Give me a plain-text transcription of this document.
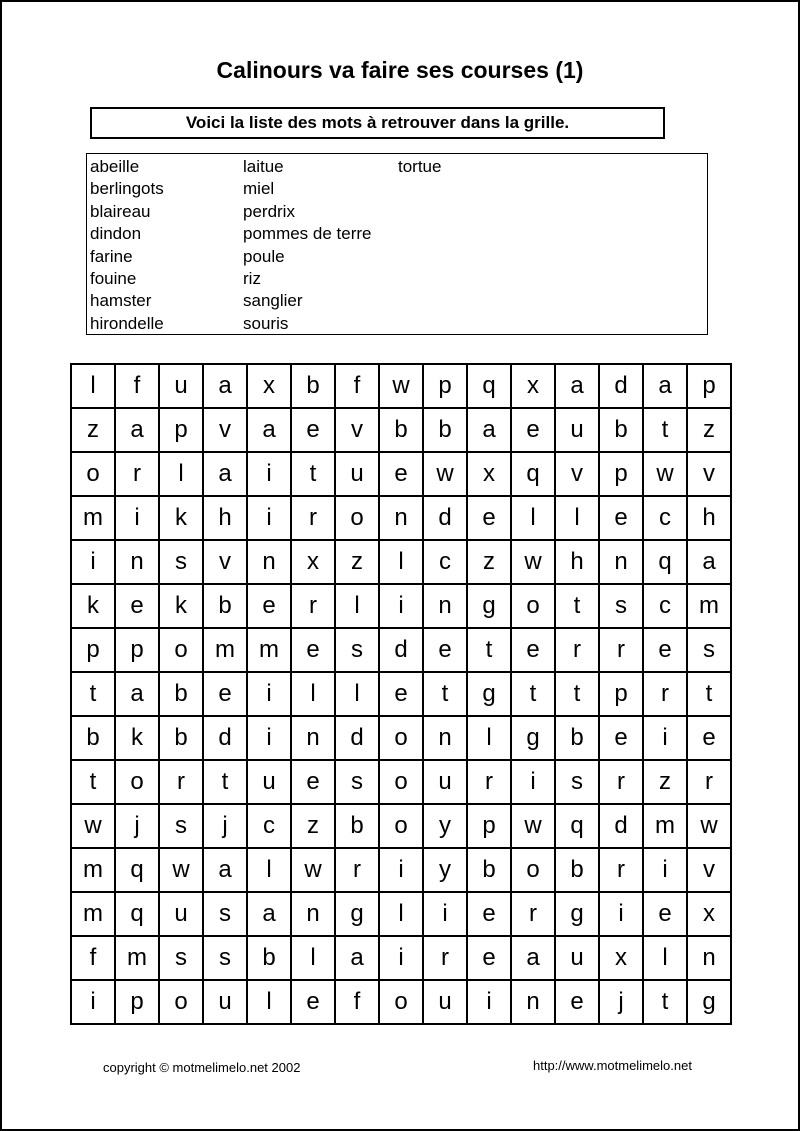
Calinours va faire ses courses (1)
Voici la liste des mots à retrouver dans la grille.
abeille
berlingots
blaireau
dindon
farine
fouine
hamster
hirondelle
laitue
miel
perdrix
pommes de terre
poule
riz
sanglier
souris
tortue
l	f	u	a	x	b	f	w	p	q	x	a	d	a	p
z	a	p	v	a	e	v	b	b	a	e	u	b	t	z
o	r	l	a	i	t	u	e	w	x	q	v	p	w	v
m	i	k	h	i	r	o	n	d	e	l	l	e	c	h
i	n	s	v	n	x	z	l	c	z	w	h	n	q	a
k	e	k	b	e	r	l	i	n	g	o	t	s	c	m
p	p	o	m	m	e	s	d	e	t	e	r	r	e	s
t	a	b	e	i	l	l	e	t	g	t	t	p	r	t
b	k	b	d	i	n	d	o	n	l	g	b	e	i	e
t	o	r	t	u	e	s	o	u	r	i	s	r	z	r
w	j	s	j	c	z	b	o	y	p	w	q	d	m	w
m	q	w	a	l	w	r	i	y	b	o	b	r	i	v
m	q	u	s	a	n	g	l	i	e	r	g	i	e	x
f	m	s	s	b	l	a	i	r	e	a	u	x	l	n
i	p	o	u	l	e	f	o	u	i	n	e	j	t	g
copyright © motmelimelo.net 2002	http://www.motmelimelo.net
